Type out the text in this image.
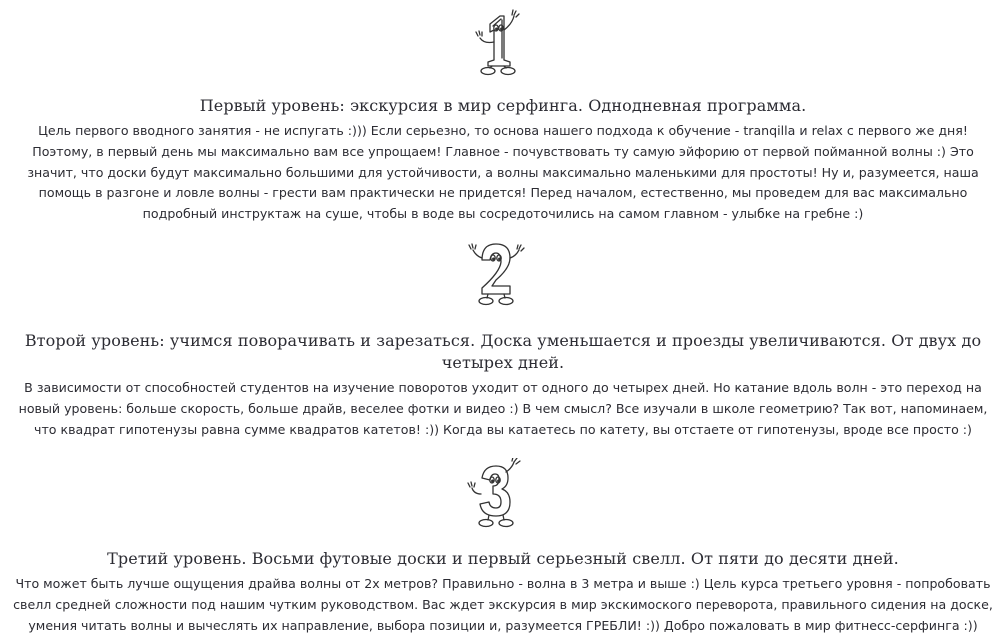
Первый уровень: экскурсия в мир серфинга. Однодневная программа.
Цель первого вводного занятия - не испугать :))) Если серьезно, то основа нашего подхода к обучение - tranqilla и relax с первого же дня! Поэтому, в первый день мы максимально вам все упрощаем! Главное - почувствовать ту самую эйфорию от первой пойманной волны :) Это значит, что доски будут максимально большими для устойчивости, а волны максимально маленькими для простоты! Ну и, разумеется, наша помощь в разгоне и ловле волны - грести вам практически не придется! Перед началом, естественно, мы проведем для вас максимально подробный инструктаж на суше, чтобы в воде вы сосредоточились на самом главном - улыбке на гребне :)
Второй уровень: учимся поворачивать и зарезаться. Доска уменьшается и проезды увеличиваются. От двух до четырех дней.
В зависимости от способностей студентов на изучение поворотов уходит от одного до четырех дней. Но катание вдоль волн - это переход на новый уровень: больше скорость, больше драйв, веселее фотки и видео :) В чем смысл? Все изучали в школе геометрию? Так вот, напоминаем, что квадрат гипотенузы равна сумме квадратов катетов! :)) Когда вы катаетесь по катету, вы отстаете от гипотенузы, вроде все просто :)
Третий уровень. Восьми футовые доски и первый серьезный свелл. От пяти до десяти дней.
Что может быть лучше ощущения драйва волны от 2х метров? Правильно - волна в 3 метра и выше :) Цель курса третьего уровня - попробовать свелл средней сложности под нашим чутким руководством. Вас ждет экскурсия в мир экскимоского переворота, правильного сидения на доске, умения читать волны и вычеслять их направление, выбора позиции и, разумеется ГРЕБЛИ! :)) Добро пожаловать в мир фитнесс-серфинга :))
